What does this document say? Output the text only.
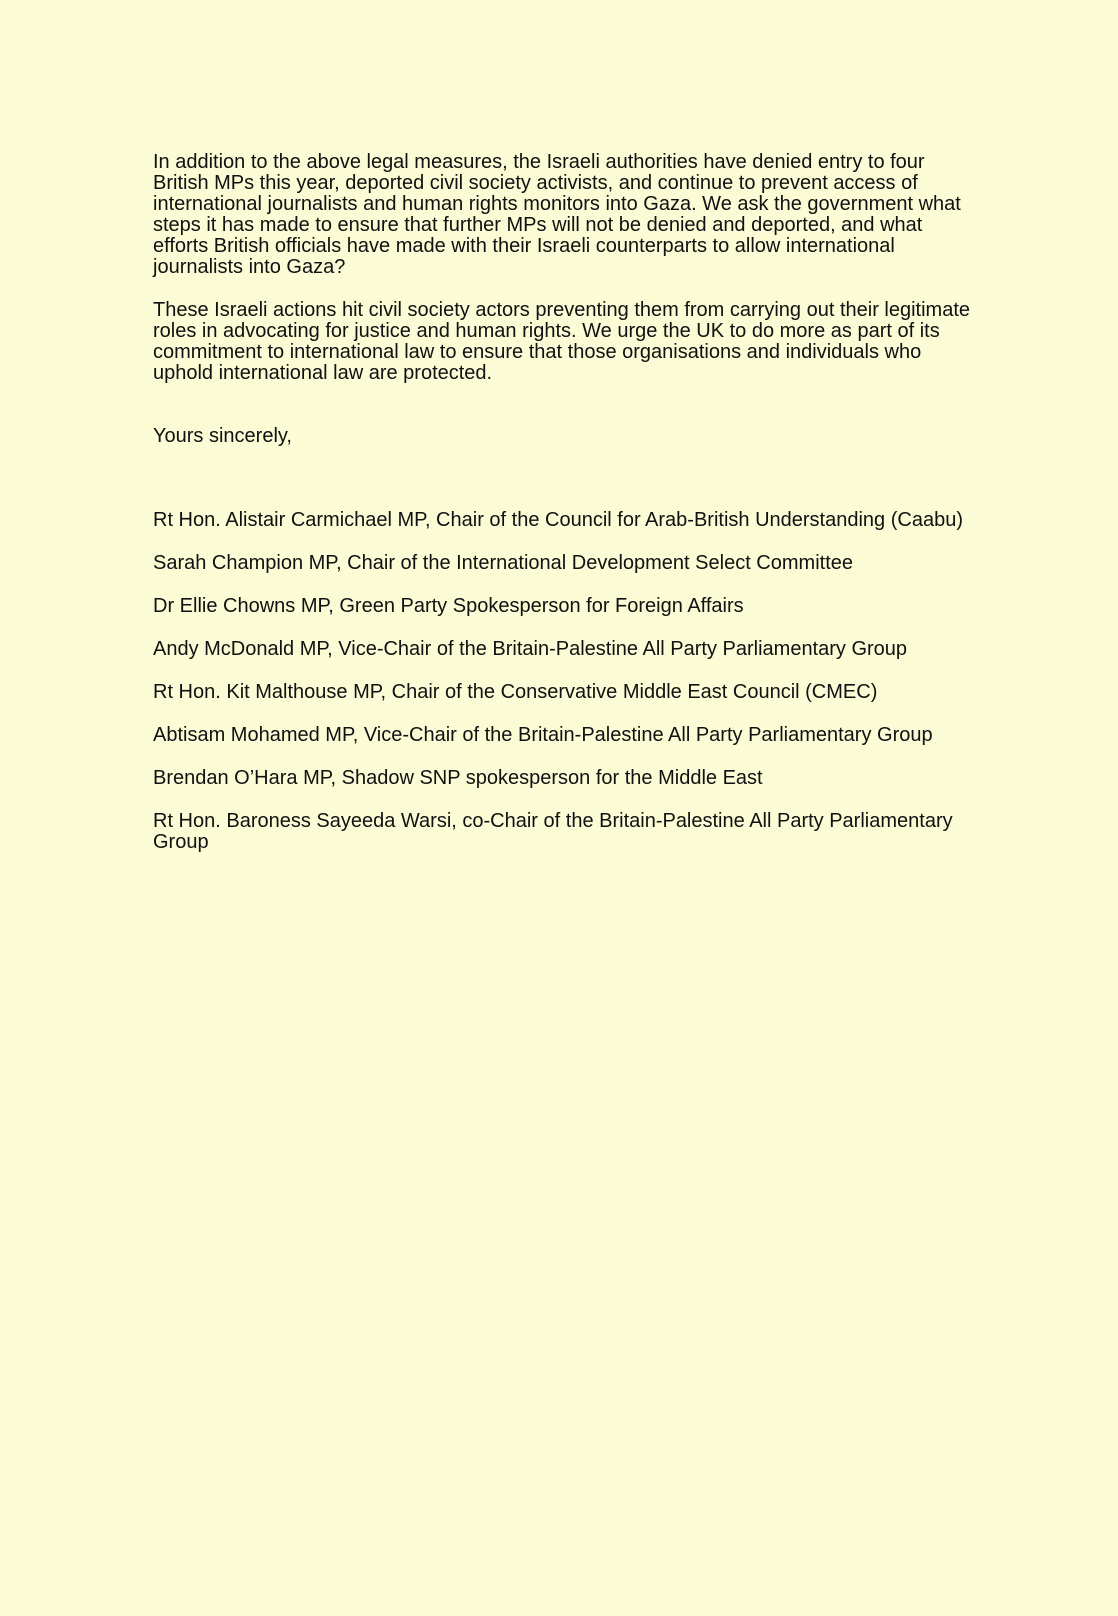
In addition to the above legal measures, the Israeli authorities have denied entry to four British MPs this year, deported civil society activists, and continue to prevent access of international journalists and human rights monitors into Gaza. We ask the government what steps it has made to ensure that further MPs will not be denied and deported, and what efforts British officials have made with their Israeli counterparts to allow international journalists into Gaza?

These Israeli actions hit civil society actors preventing them from carrying out their legitimate roles in advocating for justice and human rights. We urge the UK to do more as part of its commitment to international law to ensure that those organisations and individuals who uphold international law are protected.

Yours sincerely,

Rt Hon. Alistair Carmichael MP, Chair of the Council for Arab-British Understanding (Caabu)

Sarah Champion MP, Chair of the International Development Select Committee

Dr Ellie Chowns MP, Green Party Spokesperson for Foreign Affairs

Andy McDonald MP, Vice-Chair of the Britain-Palestine All Party Parliamentary Group

Rt Hon. Kit Malthouse MP, Chair of the Conservative Middle East Council (CMEC)

Abtisam Mohamed MP, Vice-Chair of the Britain-Palestine All Party Parliamentary Group

Brendan O’Hara MP, Shadow SNP spokesperson for the Middle East

Rt Hon. Baroness Sayeeda Warsi, co-Chair of the Britain-Palestine All Party Parliamentary Group
